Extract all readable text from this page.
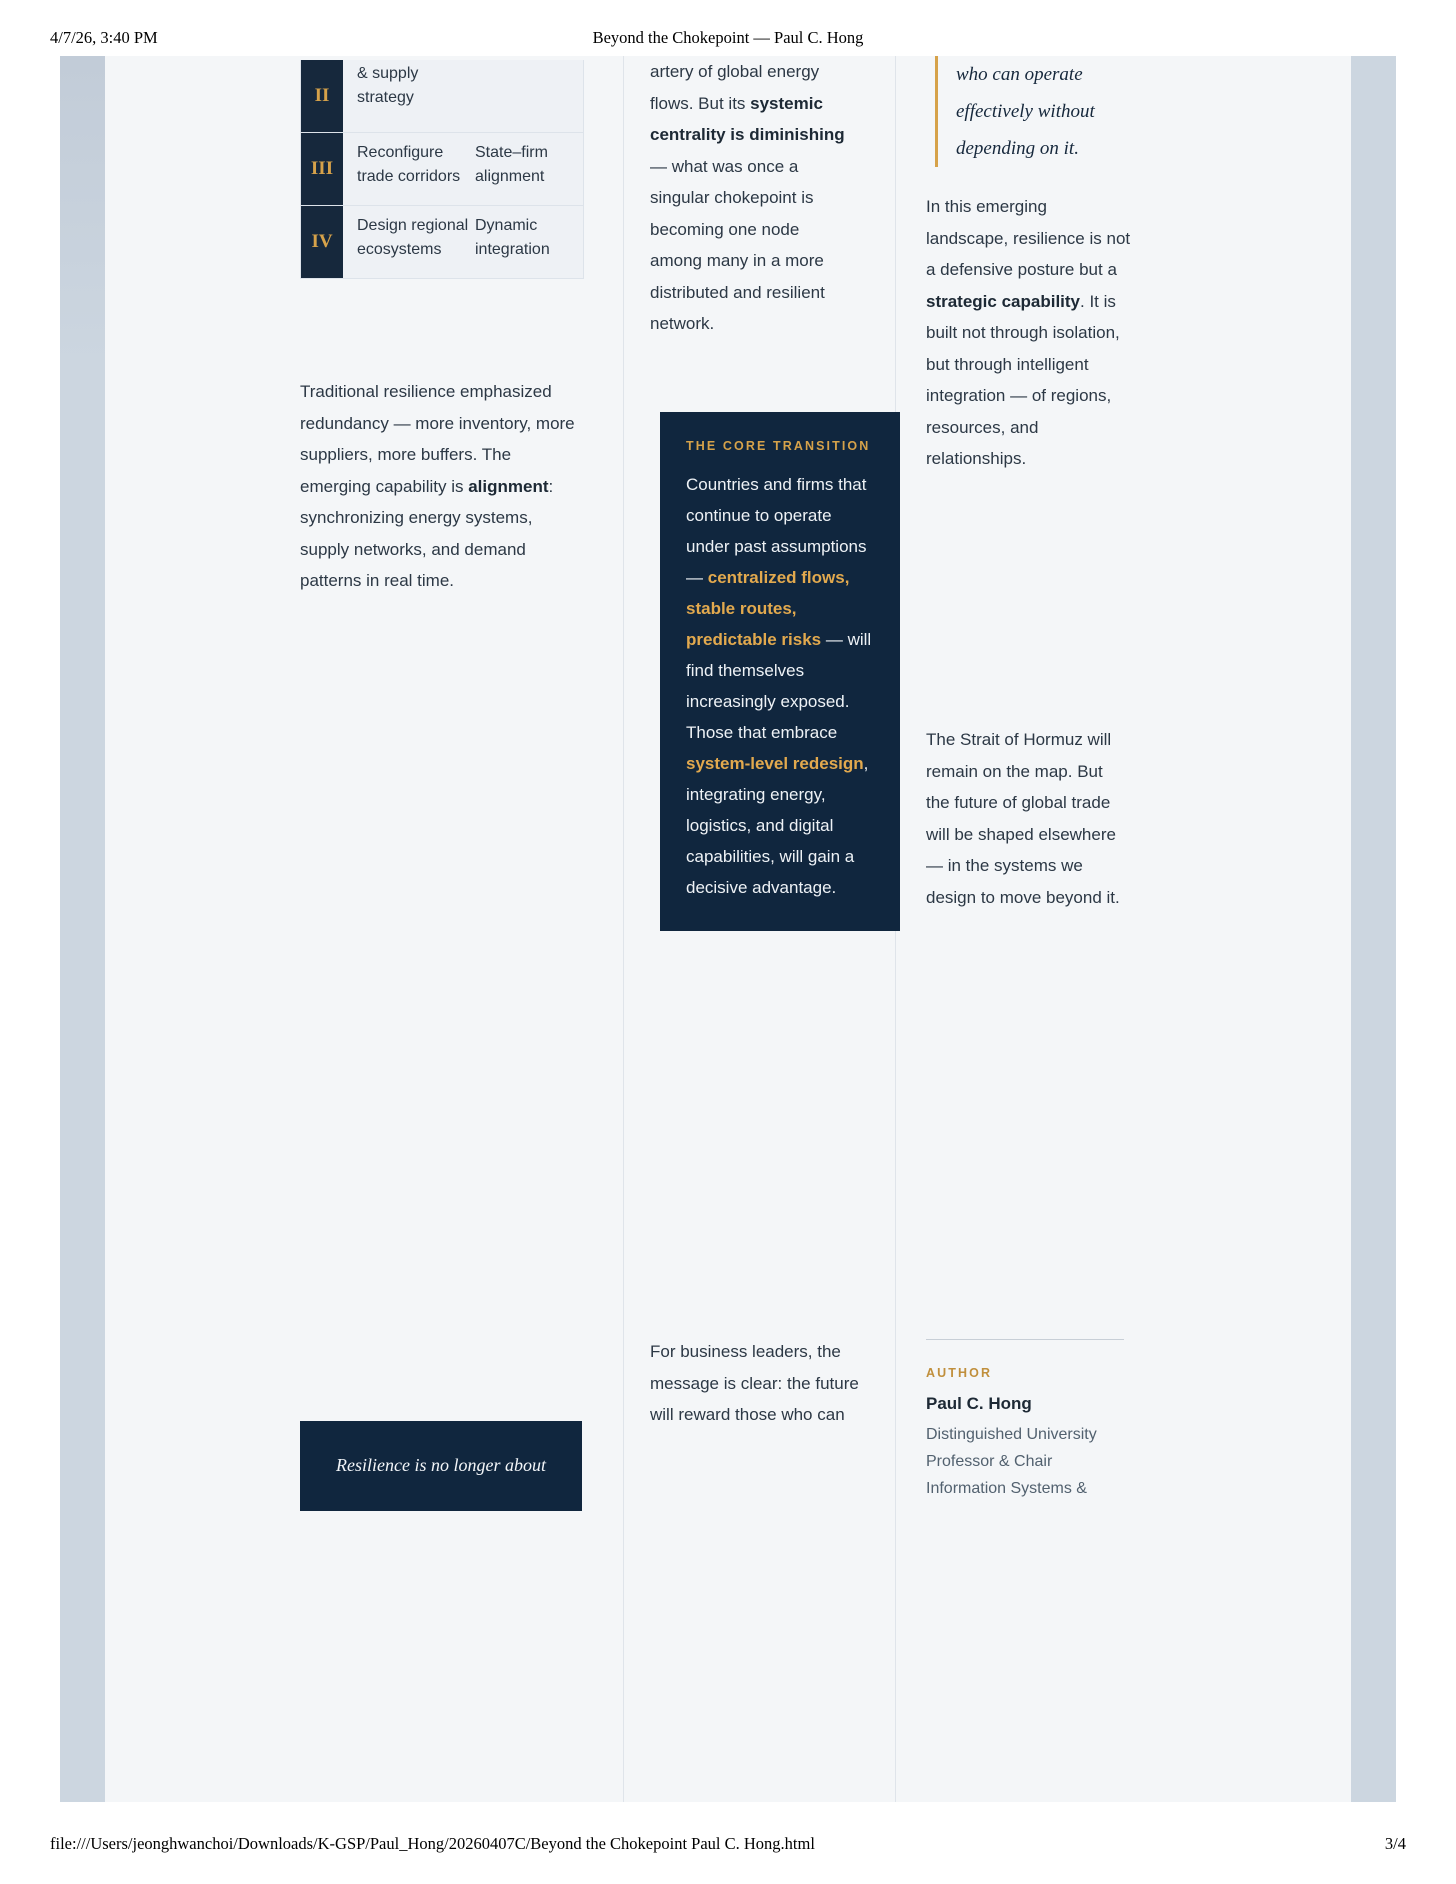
4/7/26, 3:40 PM	Beyond the Chokepoint — Paul C. Hong
II
& supply strategy
III
Reconfigure trade corridors
State–firm alignment
IV
Design regional ecosystems
Dynamic integration

Traditional resilience emphasized redundancy — more inventory, more suppliers, more buffers. The emerging capability is alignment: synchronizing energy systems, supply networks, and demand patterns in real time.

Resilience is no longer about

artery of global energy flows. But its systemic centrality is diminishing — what was once a singular chokepoint is becoming one node among many in a more distributed and resilient network.

THE CORE TRANSITION
Countries and firms that continue to operate under past assumptions — centralized flows, stable routes, predictable risks — will find themselves increasingly exposed. Those that embrace system-level redesign, integrating energy, logistics, and digital capabilities, will gain a decisive advantage.

For business leaders, the message is clear: the future will reward those who can

who can operate effectively without depending on it.

In this emerging landscape, resilience is not a defensive posture but a strategic capability. It is built not through isolation, but through intelligent integration — of regions, resources, and relationships.

The Strait of Hormuz will remain on the map. But the future of global trade will be shaped elsewhere — in the systems we design to move beyond it.

AUTHOR
Paul C. Hong
Distinguished University Professor & Chair Information Systems &
file:///Users/jeonghwanchoi/Downloads/K-GSP/Paul_Hong/20260407C/Beyond the Chokepoint Paul C. Hong.html	3/4
